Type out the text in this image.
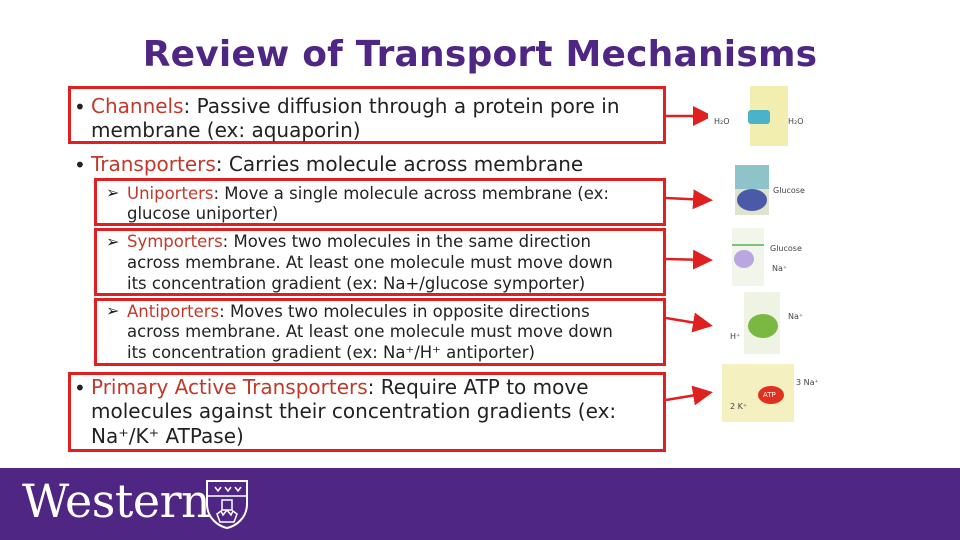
Review of Transport Mechanisms
• Channels: Passive diffusion through a protein pore in
membrane (ex: aquaporin)
• Transporters: Carries molecule across membrane
➢ Uniporters: Move a single molecule across membrane (ex:
glucose uniporter)
➢ Symporters: Moves two molecules in the same direction
across membrane. At least one molecule must move down
its concentration gradient (ex: Na+/glucose symporter)
➢ Antiporters: Moves two molecules in opposite directions
across membrane. At least one molecule must move down
its concentration gradient (ex: Na⁺/H⁺ antiporter)
• Primary Active Transporters: Require ATP to move
molecules against their concentration gradients (ex:
Na⁺/K⁺ ATPase)
H₂O	H₂O
Glucose
Glucose
Na⁺
Na⁺
H⁺
ATP
3 Na⁺
2 K⁺
Western
